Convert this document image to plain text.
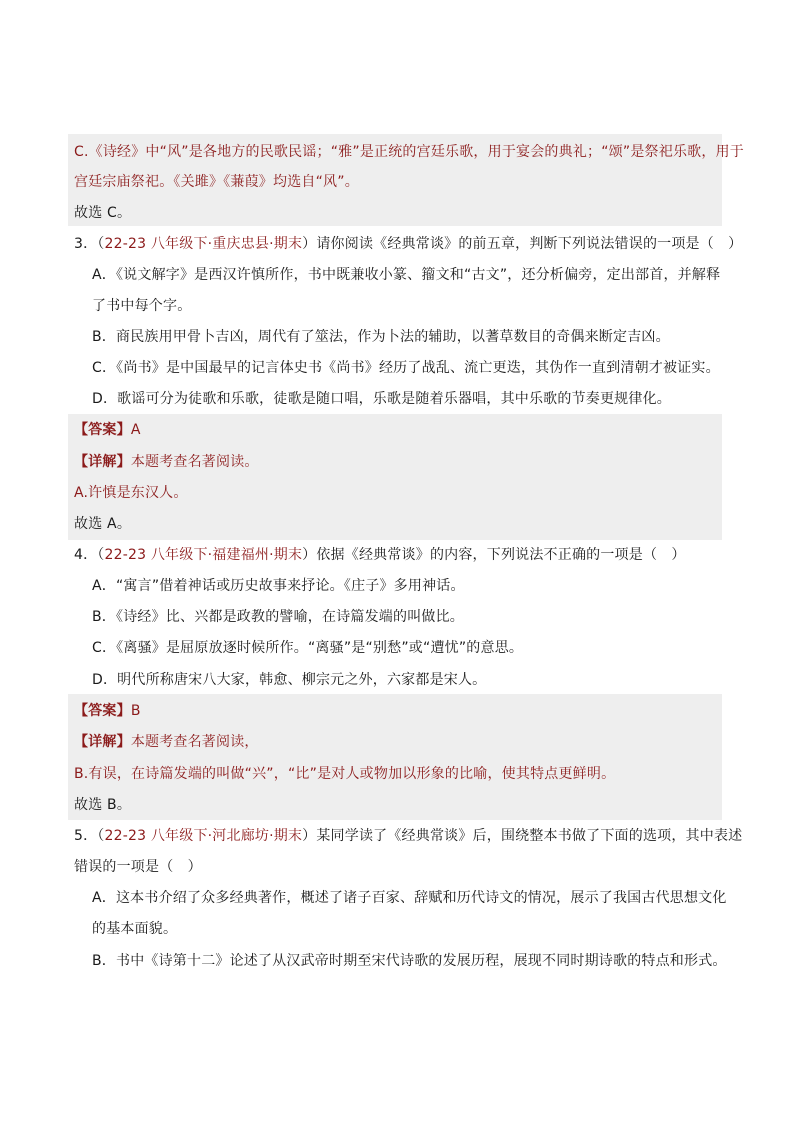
C.《诗经》中“风”是各地方的民歌民谣；“雅”是正统的宫廷乐歌，用于宴会的典礼；“颂”是祭祀乐歌，用于
宫廷宗庙祭祀。《关雎》《蒹葭》均选自“风”。
故选 C。
3．（22-23 八年级下·重庆忠县·期末）请你阅读《经典常谈》的前五章，判断下列说法错误的一项是（　）
A．《说文解字》是西汉许慎所作，书中既兼收小篆、籀文和“古文”，还分析偏旁，定出部首，并解释
了书中每个字。
B．商民族用甲骨卜吉凶，周代有了筮法，作为卜法的辅助，以蓍草数目的奇偶来断定吉凶。
C．《尚书》是中国最早的记言体史书《尚书》经历了战乱、流亡更迭，其伪作一直到清朝才被证实。
D．歌谣可分为徒歌和乐歌，徒歌是随口唱，乐歌是随着乐器唱，其中乐歌的节奏更规律化。
【答案】A
【详解】本题考查名著阅读。
A.许慎是东汉人。
故选 A。
4．（22-23 八年级下·福建福州·期末）依据《经典常谈》的内容，下列说法不正确的一项是（　）
A．“寓言”借着神话或历史故事来抒论。《庄子》多用神话。
B．《诗经》比、兴都是政教的譬喻，在诗篇发端的叫做比。
C．《离骚》是屈原放逐时候所作。“离骚”是“别愁”或“遭忧”的意思。
D．明代所称唐宋八大家，韩愈、柳宗元之外，六家都是宋人。
【答案】B
【详解】本题考查名著阅读，
B.有误，在诗篇发端的叫做“兴”，“比”是对人或物加以形象的比喻，使其特点更鲜明。
故选 B。
5．（22-23 八年级下·河北廊坊·期末）某同学读了《经典常谈》后，围绕整本书做了下面的选项，其中表述
错误的一项是（　）
A．这本书介绍了众多经典著作，概述了诸子百家、辞赋和历代诗文的情况，展示了我国古代思想文化
的基本面貌。
B．书中《诗第十二》论述了从汉武帝时期至宋代诗歌的发展历程，展现不同时期诗歌的特点和形式。
